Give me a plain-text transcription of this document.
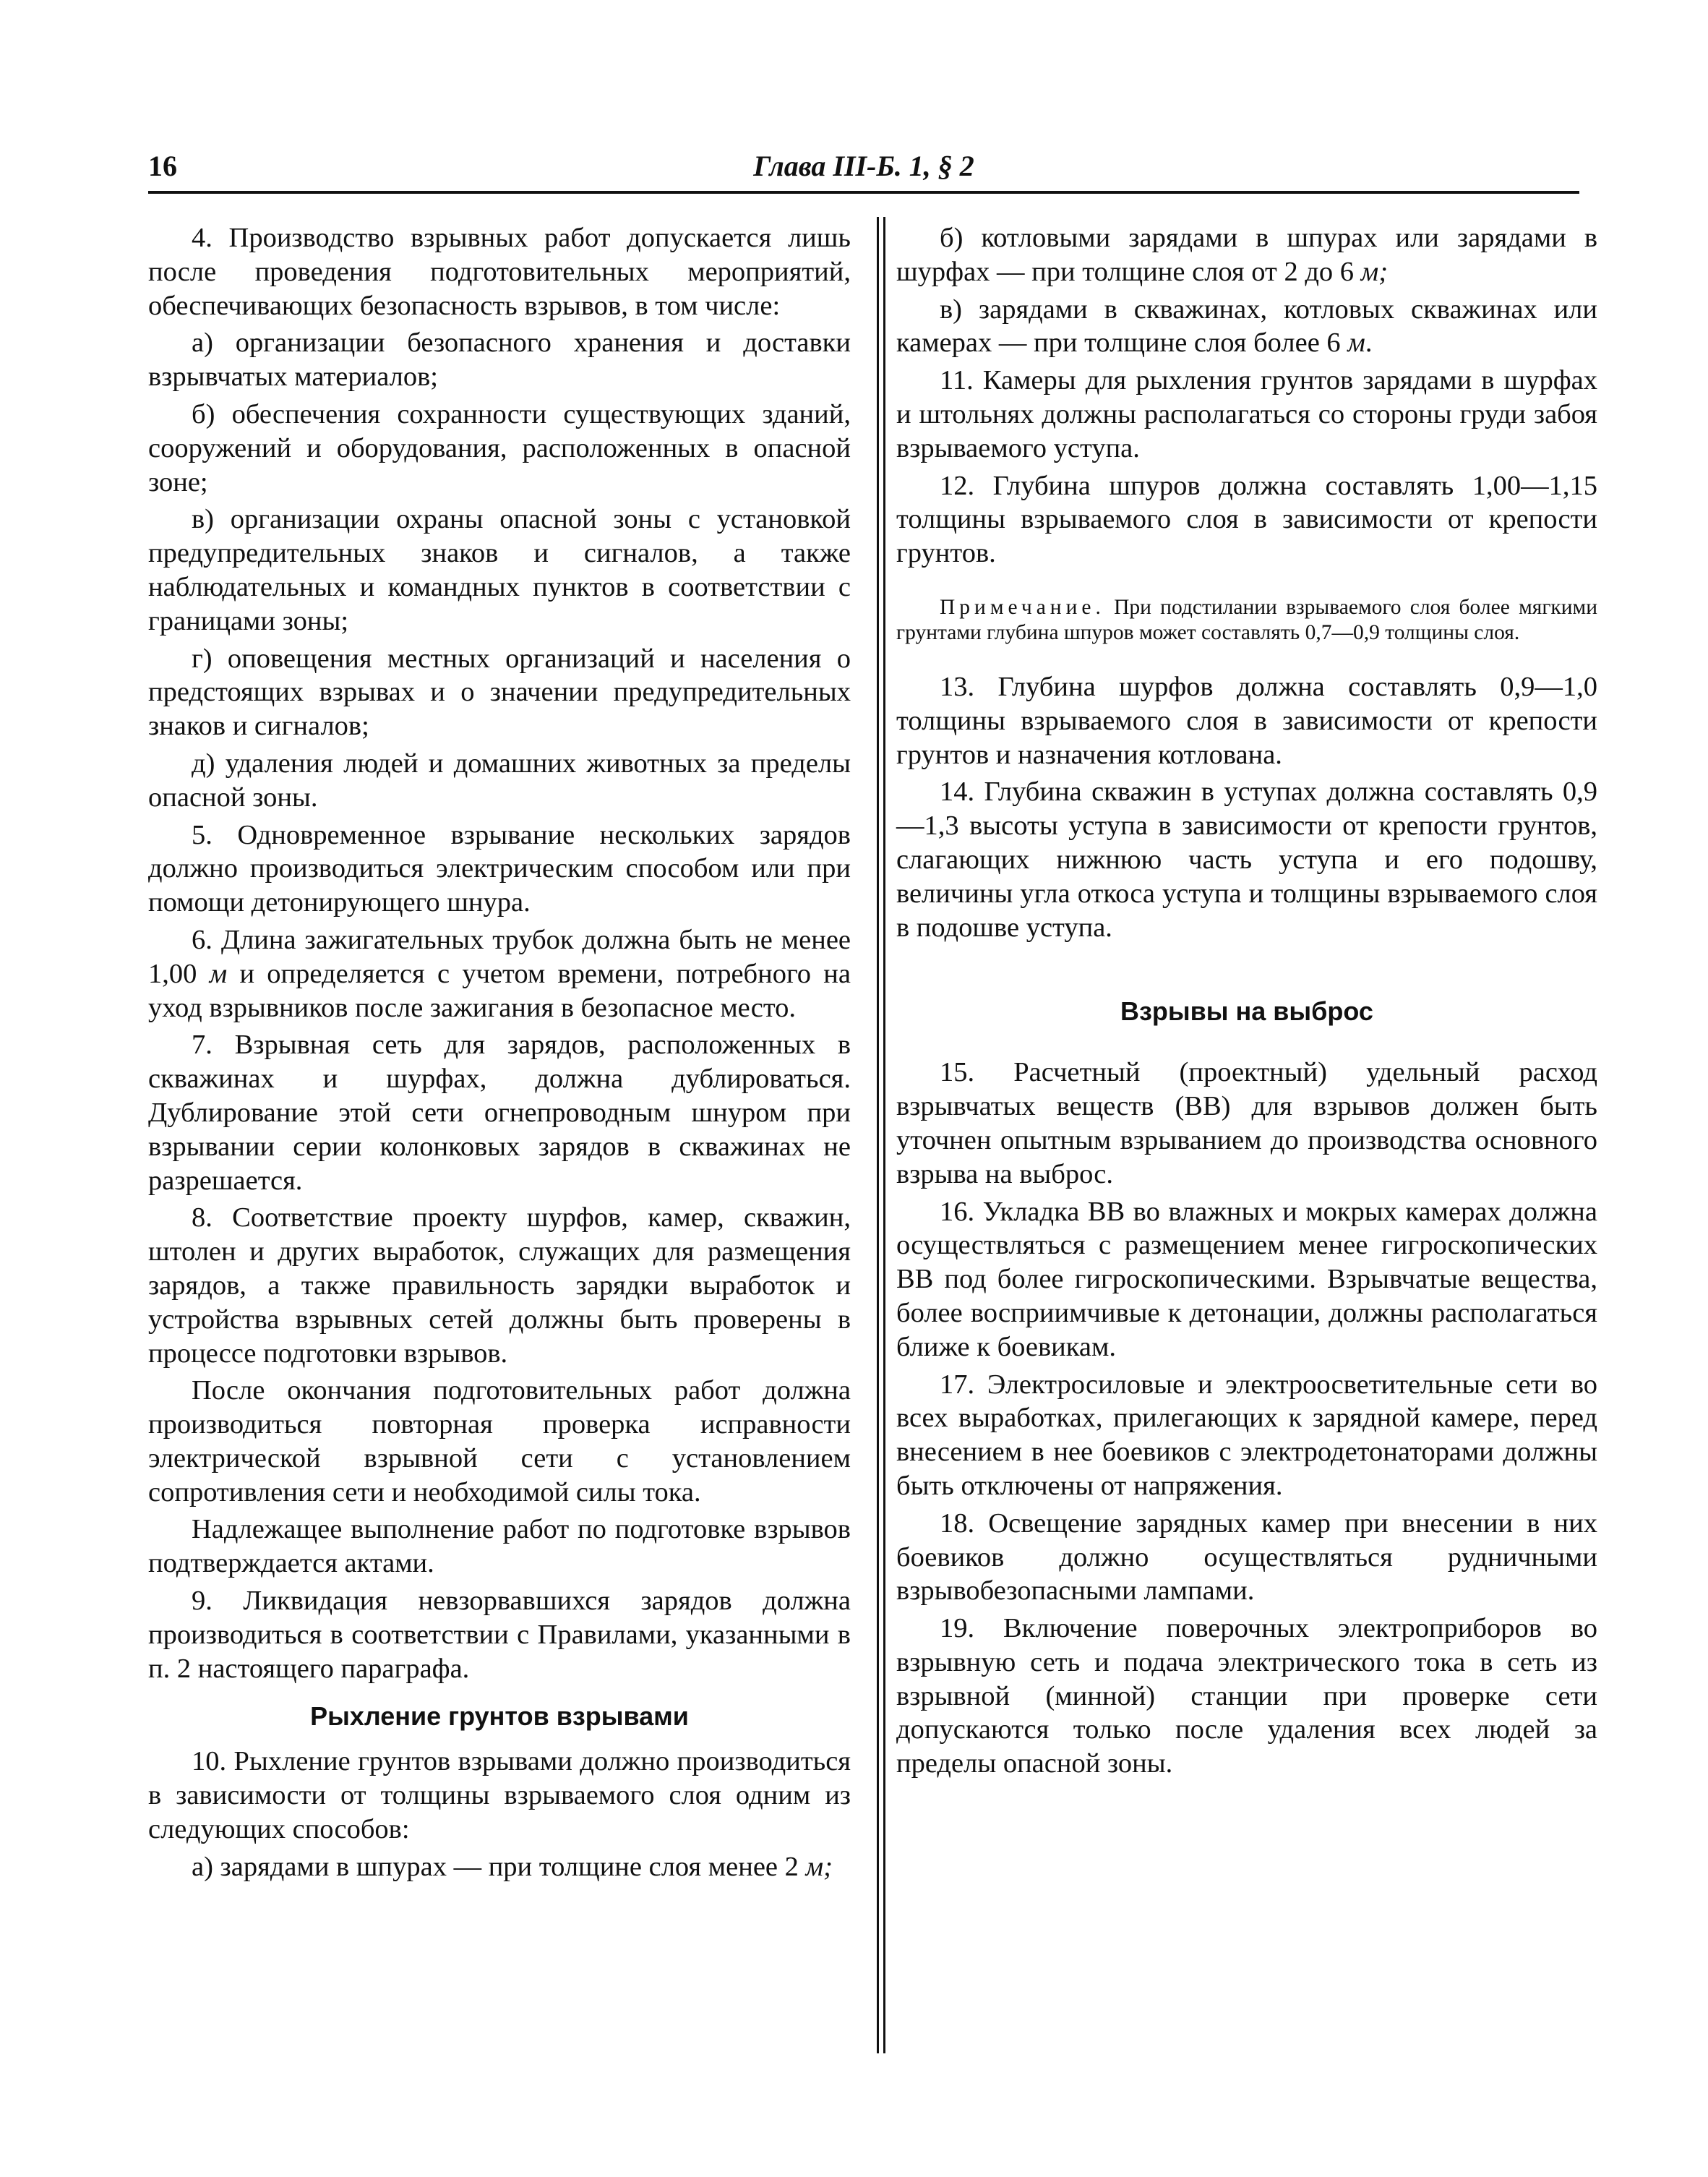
16	Глава III-Б. 1, § 2

4. Производство взрывных работ допускается лишь после проведения подготовительных мероприятий, обеспечивающих безопасность взрывов, в том числе:

а) организации безопасного хранения и доставки взрывчатых материалов;

б) обеспечения сохранности существующих зданий, сооружений и оборудования, расположенных в опасной зоне;

в) организации охраны опасной зоны с установкой предупредительных знаков и сигналов, а также наблюдательных и командных пунктов в соответствии с границами зоны;

г) оповещения местных организаций и населения о предстоящих взрывах и о значении предупредительных знаков и сигналов;

д) удаления людей и домашних животных за пределы опасной зоны.

5. Одновременное взрывание нескольких зарядов должно производиться электрическим способом или при помощи детонирующего шнура.

6. Длина зажигательных трубок должна быть не менее 1,00 м и определяется с учетом времени, потребного на уход взрывников после зажигания в безопасное место.

7. Взрывная сеть для зарядов, расположенных в скважинах и шурфах, должна дублироваться. Дублирование этой сети огнепроводным шнуром при взрывании серии колонковых зарядов в скважинах не разрешается.

8. Соответствие проекту шурфов, камер, скважин, штолен и других выработок, служащих для размещения зарядов, а также правильность зарядки выработок и устройства взрывных сетей должны быть проверены в процессе подготовки взрывов.

После окончания подготовительных работ должна производиться повторная проверка исправности электрической взрывной сети с установлением сопротивления сети и необходимой силы тока.

Надлежащее выполнение работ по подготовке взрывов подтверждается актами.

9. Ликвидация невзорвавшихся зарядов должна производиться в соответствии с Правилами, указанными в п. 2 настоящего параграфа.

Рыхление грунтов взрывами

10. Рыхление грунтов взрывами должно производиться в зависимости от толщины взрываемого слоя одним из следующих способов:

а) зарядами в шпурах — при толщине слоя менее 2 м;

б) котловыми зарядами в шпурах или зарядами в шурфах — при толщине слоя от 2 до 6 м;

в) зарядами в скважинах, котловых скважинах или камерах — при толщине слоя более 6 м.

11. Камеры для рыхления грунтов зарядами в шурфах и штольнях должны располагаться со стороны груди забоя взрываемого уступа.

12. Глубина шпуров должна составлять 1,00—1,15 толщины взрываемого слоя в зависимости от крепости грунтов.

Примечание. При подстилании взрываемого слоя более мягкими грунтами глубина шпуров может составлять 0,7—0,9 толщины слоя.

13. Глубина шурфов должна составлять 0,9—1,0 толщины взрываемого слоя в зависимости от крепости грунтов и назначения котлована.

14. Глубина скважин в уступах должна составлять 0,9—1,3 высоты уступа в зависимости от крепости грунтов, слагающих нижнюю часть уступа и его подошву, величины угла откоса уступа и толщины взрываемого слоя в подошве уступа.

Взрывы на выброс

15. Расчетный (проектный) удельный расход взрывчатых веществ (ВВ) для взрывов должен быть уточнен опытным взрыванием до производства основного взрыва на выброс.

16. Укладка ВВ во влажных и мокрых камерах должна осуществляться с размещением менее гигроскопических ВВ под более гигроскопическими. Взрывчатые вещества, более восприимчивые к детонации, должны располагаться ближе к боевикам.

17. Электросиловые и электроосветительные сети во всех выработках, прилегающих к зарядной камере, перед внесением в нее боевиков с электродетонаторами должны быть отключены от напряжения.

18. Освещение зарядных камер при внесении в них боевиков должно осуществляться рудничными взрывобезопасными лампами.

19. Включение поверочных электроприборов во взрывную сеть и подача электрического тока в сеть из взрывной (минной) станции при проверке сети допускаются только после удаления всех людей за пределы опасной зоны.
